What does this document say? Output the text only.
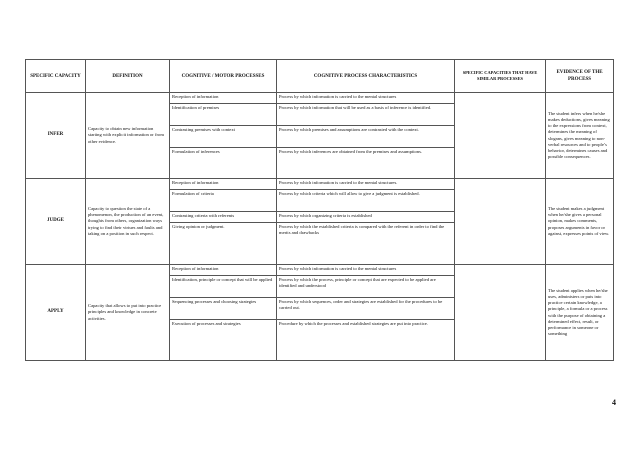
SPECIFIC CAPACITY	DEFINITION	COGNITIVE / MOTOR PROCESSES	COGNITIVE PROCESS CHARACTERISTICS	SPECIFIC CAPACITIES THAT HAVE SIMILAR PROCESSES	EVIDENCE OF THE PROCESS
INFER	Capacity to obtain new information starting with explicit information or from other evidence.	Reception of information	Process by which information is carried to the mental structures		The student infers when he/she makes deductions, gives meaning to the expressions from context, determines the meaning of slogans, gives meaning to non-verbal resources and to people’s behavior, determines causes and possible consequences.
		Identification of premises	Process by which information that will be used as a basis of inference is identified.		
		Contrasting premises with context	Process by which premises and assumptions are contrasted with the context.		
		Formulation of inferences	Process by which inferences are obtained from the premises and assumptions.		
JUDGE	Capacity to question the state of a phenomenon, the production of an event, thoughts from others, organization ways trying to find their virtues and faults and taking on a position in such respect.	Reception of information	Process by which information is carried to the mental structures.		The student makes a judgment when he/she gives a personal opinion, makes comments, proposes arguments in favor or against, expresses points of view.
		Formulation of criteria	Process by which criteria which will allow to give a judgment is established.		
		Contrasting criteria with referents	Process by which organizing criteria is established		
		Giving opinion or judgment.	Process by which the established criteria is compared with the referent in order to find the merits and drawbacks		
APPLY	Capacity that allows to put into practice principles and knowledge in concrete activities.	Reception of information	Process by which information is carried to the mental structures		The student applies when he/she uses, administers or puts into practice certain knowledge, a principle, a formula or a process with the purpose of obtaining a determined effect, result, or performance in someone or something
		Identification, principle or concept that will be applied	Process by which the process, principle or concept that are expected to be applied are identified and understood		
		Sequencing processes and choosing strategies	Process by which sequences, order and strategies are established for the procedures to be carried out.		
		Execution of processes and strategies	Procedure by which the processes and established strategies are put into practice.		
4
